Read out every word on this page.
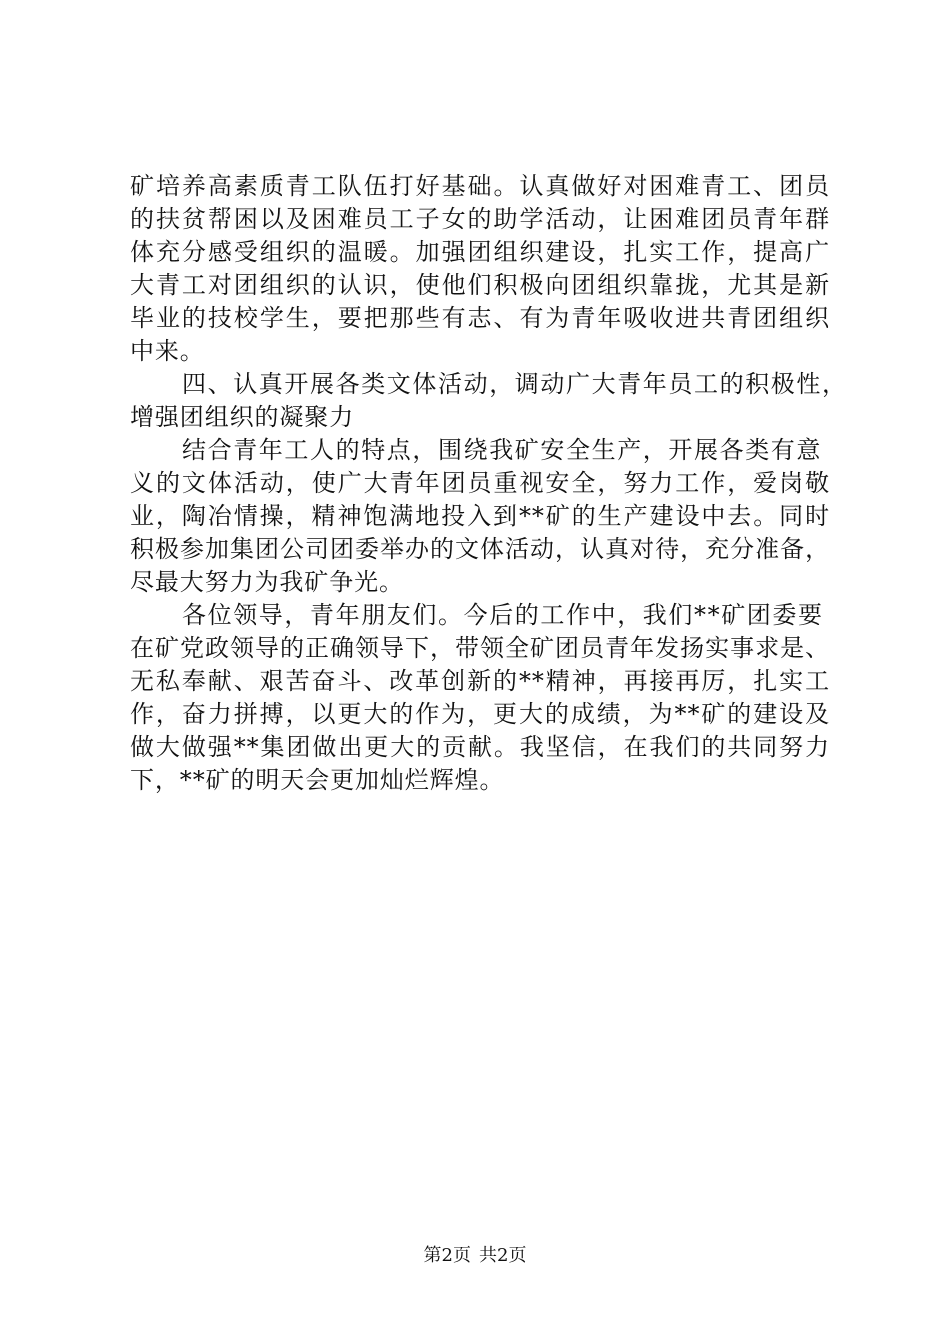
矿培养高素质青工队伍打好基础。认真做好对困难青工、团员
的扶贫帮困以及困难员工子女的助学活动，让困难团员青年群
体充分感受组织的温暖。加强团组织建设，扎实工作，提高广
大青工对团组织的认识，使他们积极向团组织靠拢，尤其是新
毕业的技校学生，要把那些有志、有为青年吸收进共青团组织
中来。
四、认真开展各类文体活动，调动广大青年员工的积极性，
增强团组织的凝聚力
结合青年工人的特点，围绕我矿安全生产，开展各类有意
义的文体活动，使广大青年团员重视安全，努力工作，爱岗敬
业，陶冶情操，精神饱满地投入到**矿的生产建设中去。同时
积极参加集团公司团委举办的文体活动，认真对待，充分准备，
尽最大努力为我矿争光。
各位领导，青年朋友们。今后的工作中，我们**矿团委要
在矿党政领导的正确领导下，带领全矿团员青年发扬实事求是、
无私奉献、艰苦奋斗、改革创新的**精神，再接再厉，扎实工
作，奋力拼搏，以更大的作为，更大的成绩，为**矿的建设及
做大做强**集团做出更大的贡献。我坚信，在我们的共同努力
下，**矿的明天会更加灿烂辉煌。
第2页 共2页
